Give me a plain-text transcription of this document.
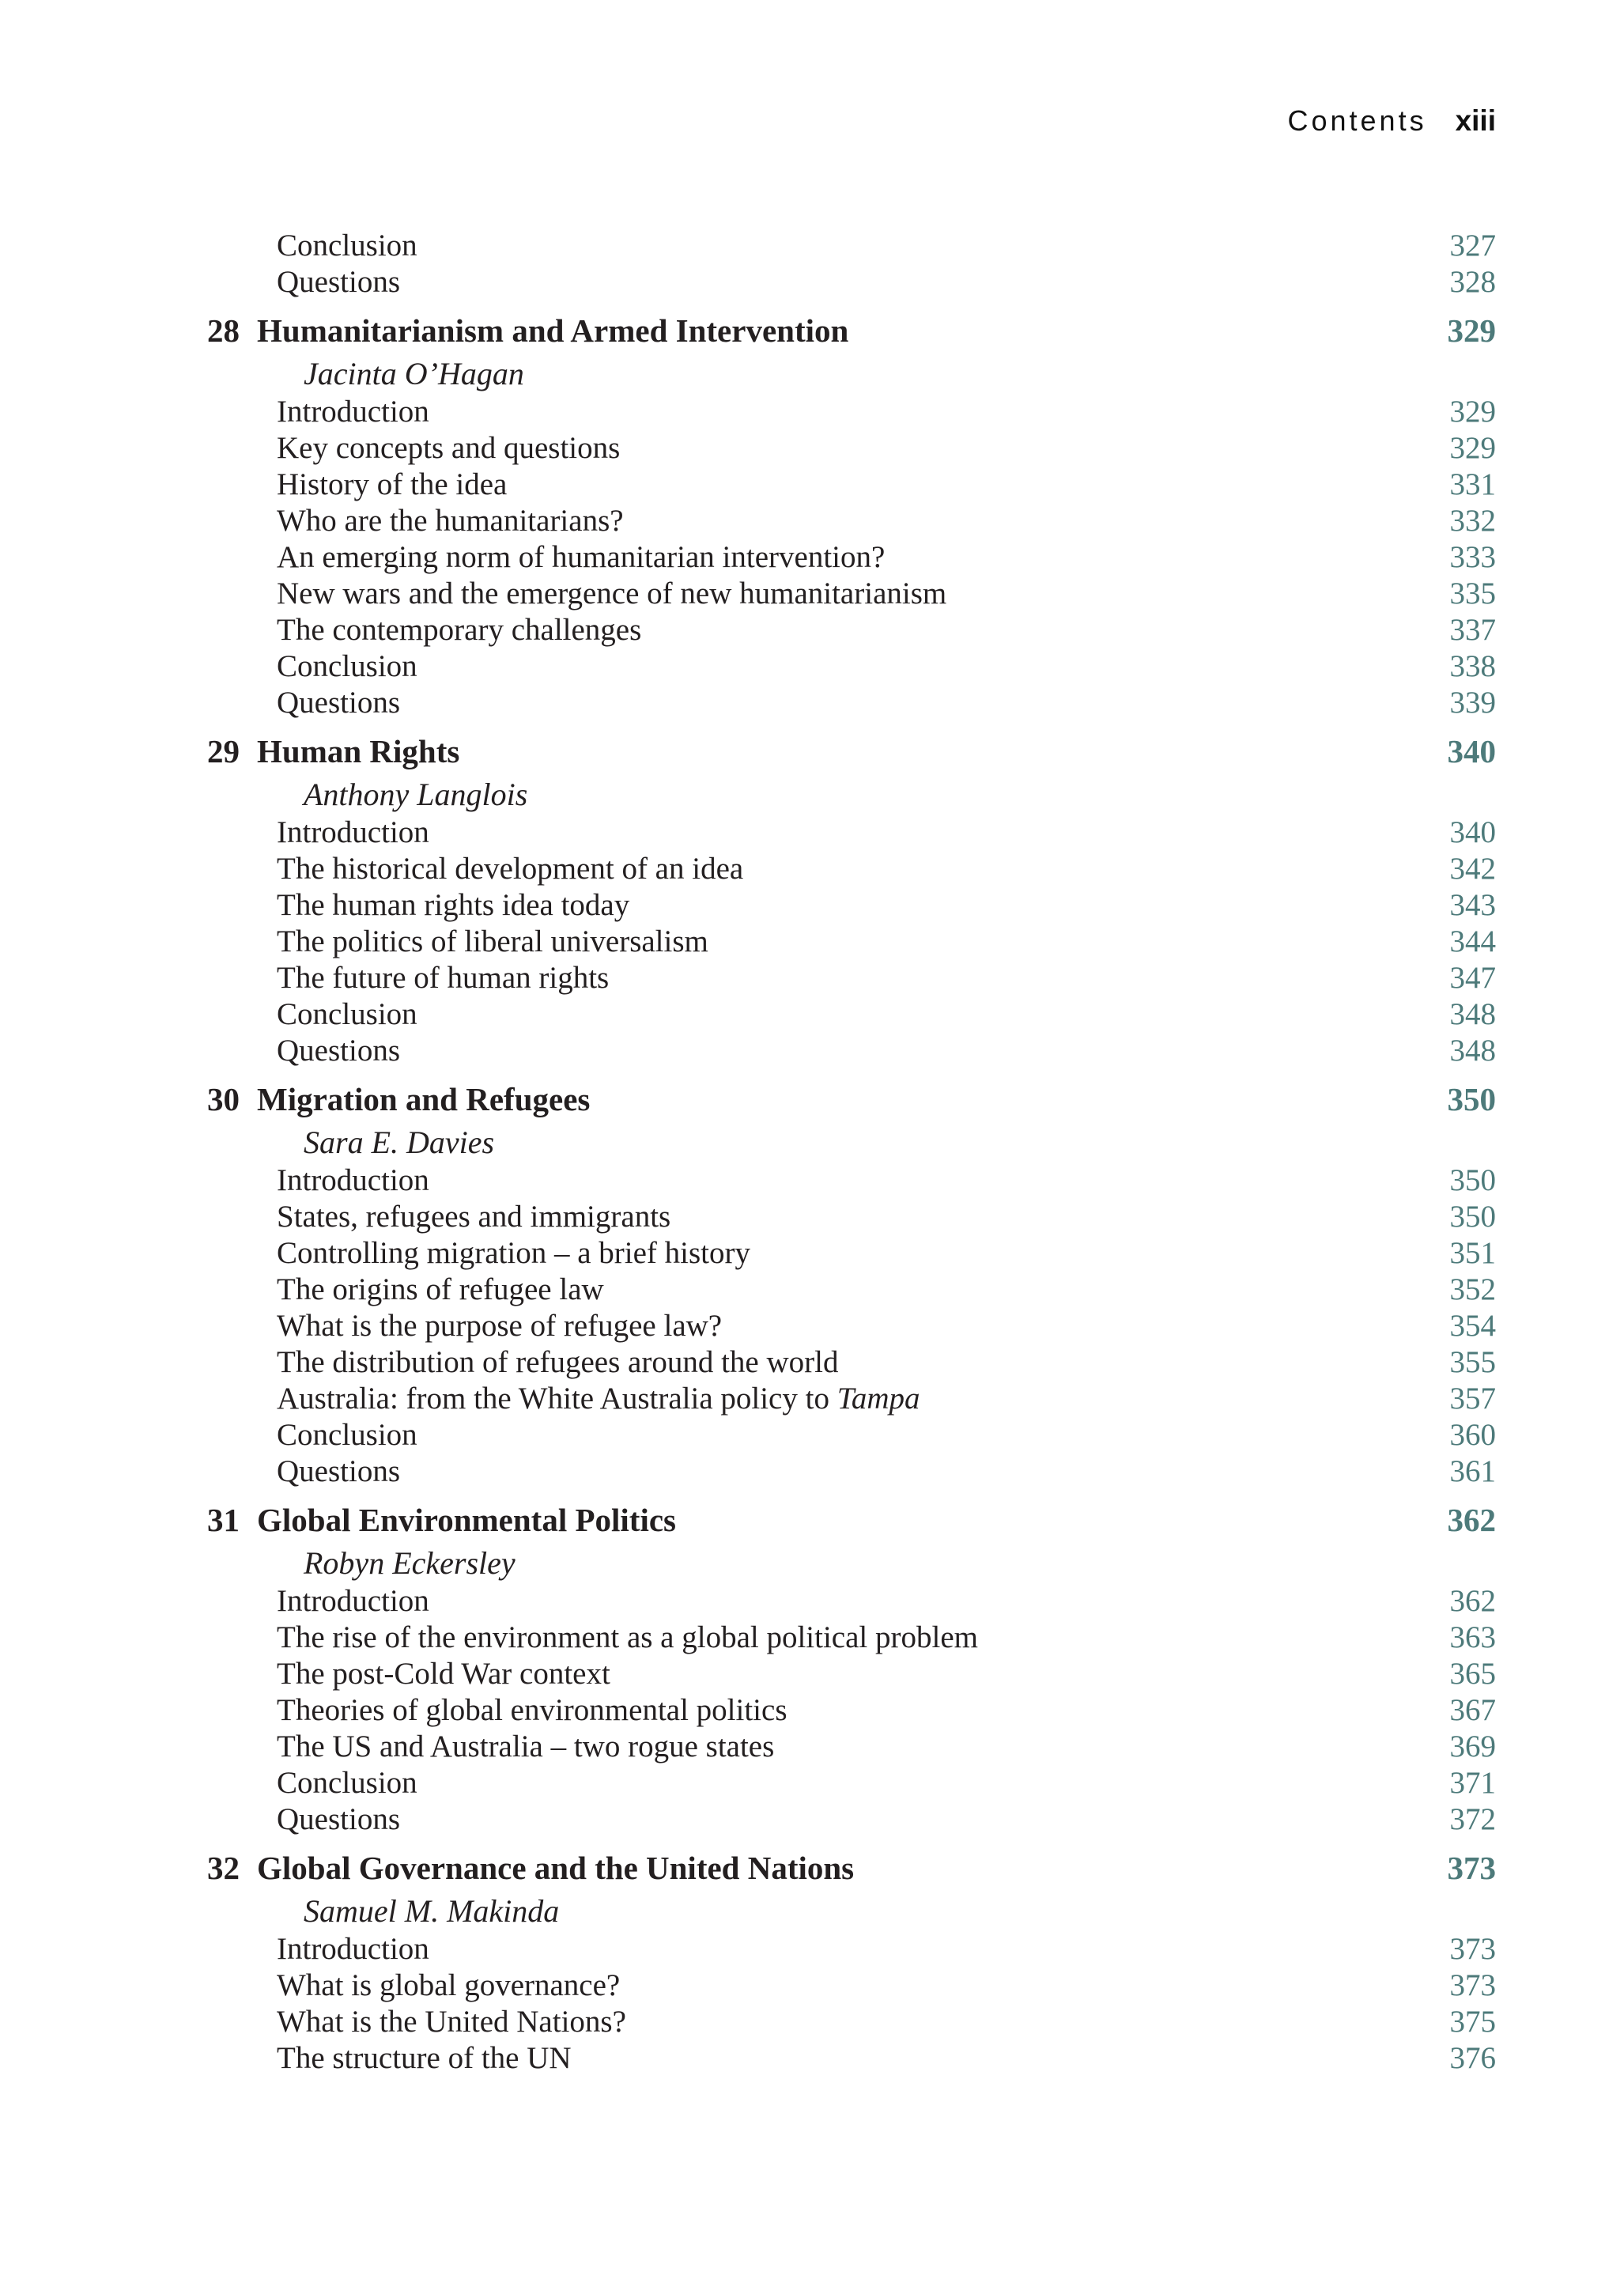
Contents xiii
Conclusion	327
Questions	328
28 Humanitarianism and Armed Intervention	329
Jacinta O’Hagan
Introduction	329
Key concepts and questions	329
History of the idea	331
Who are the humanitarians?	332
An emerging norm of humanitarian intervention?	333
New wars and the emergence of new humanitarianism	335
The contemporary challenges	337
Conclusion	338
Questions	339
29 Human Rights	340
Anthony Langlois
Introduction	340
The historical development of an idea	342
The human rights idea today	343
The politics of liberal universalism	344
The future of human rights	347
Conclusion	348
Questions	348
30 Migration and Refugees	350
Sara E. Davies
Introduction	350
States, refugees and immigrants	350
Controlling migration – a brief history	351
The origins of refugee law	352
What is the purpose of refugee law?	354
The distribution of refugees around the world	355
Australia: from the White Australia policy to Tampa	357
Conclusion	360
Questions	361
31 Global Environmental Politics	362
Robyn Eckersley
Introduction	362
The rise of the environment as a global political problem	363
The post-Cold War context	365
Theories of global environmental politics	367
The US and Australia – two rogue states	369
Conclusion	371
Questions	372
32 Global Governance and the United Nations	373
Samuel M. Makinda
Introduction	373
What is global governance?	373
What is the United Nations?	375
The structure of the UN	376
